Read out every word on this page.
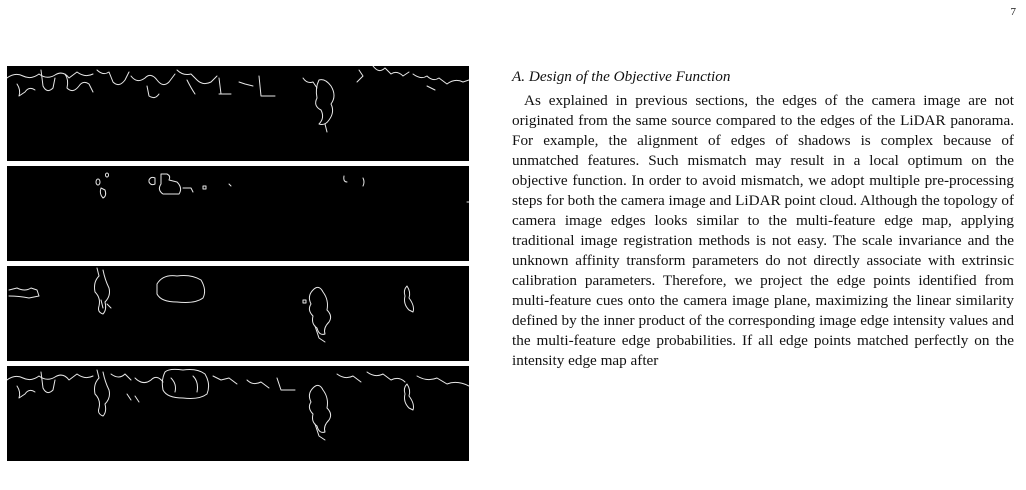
7
A. Design of the Objective Function

As explained in previous sections, the edges of the camera image are not originated from the same source compared to the edges of the LiDAR panorama. For example, the alignment of edges of shadows is complex because of unmatched features. Such mismatch may result in a local optimum on the objective function. In order to avoid mismatch, we adopt multiple pre-processing steps for both the camera image and LiDAR point cloud. Although the topology of camera image edges looks similar to the multi-feature edge map, applying traditional image registration methods is not easy. The scale invariance and the unknown affinity transform parameters do not directly associate with extrinsic calibration parameters. Therefore, we project the edge points identified from multi-feature cues onto the camera image plane, maximizing the linear similarity defined by the inner product of the corresponding image edge intensity values and the multi-feature edge probabilities. If all edge points matched perfectly on the intensity edge map after
